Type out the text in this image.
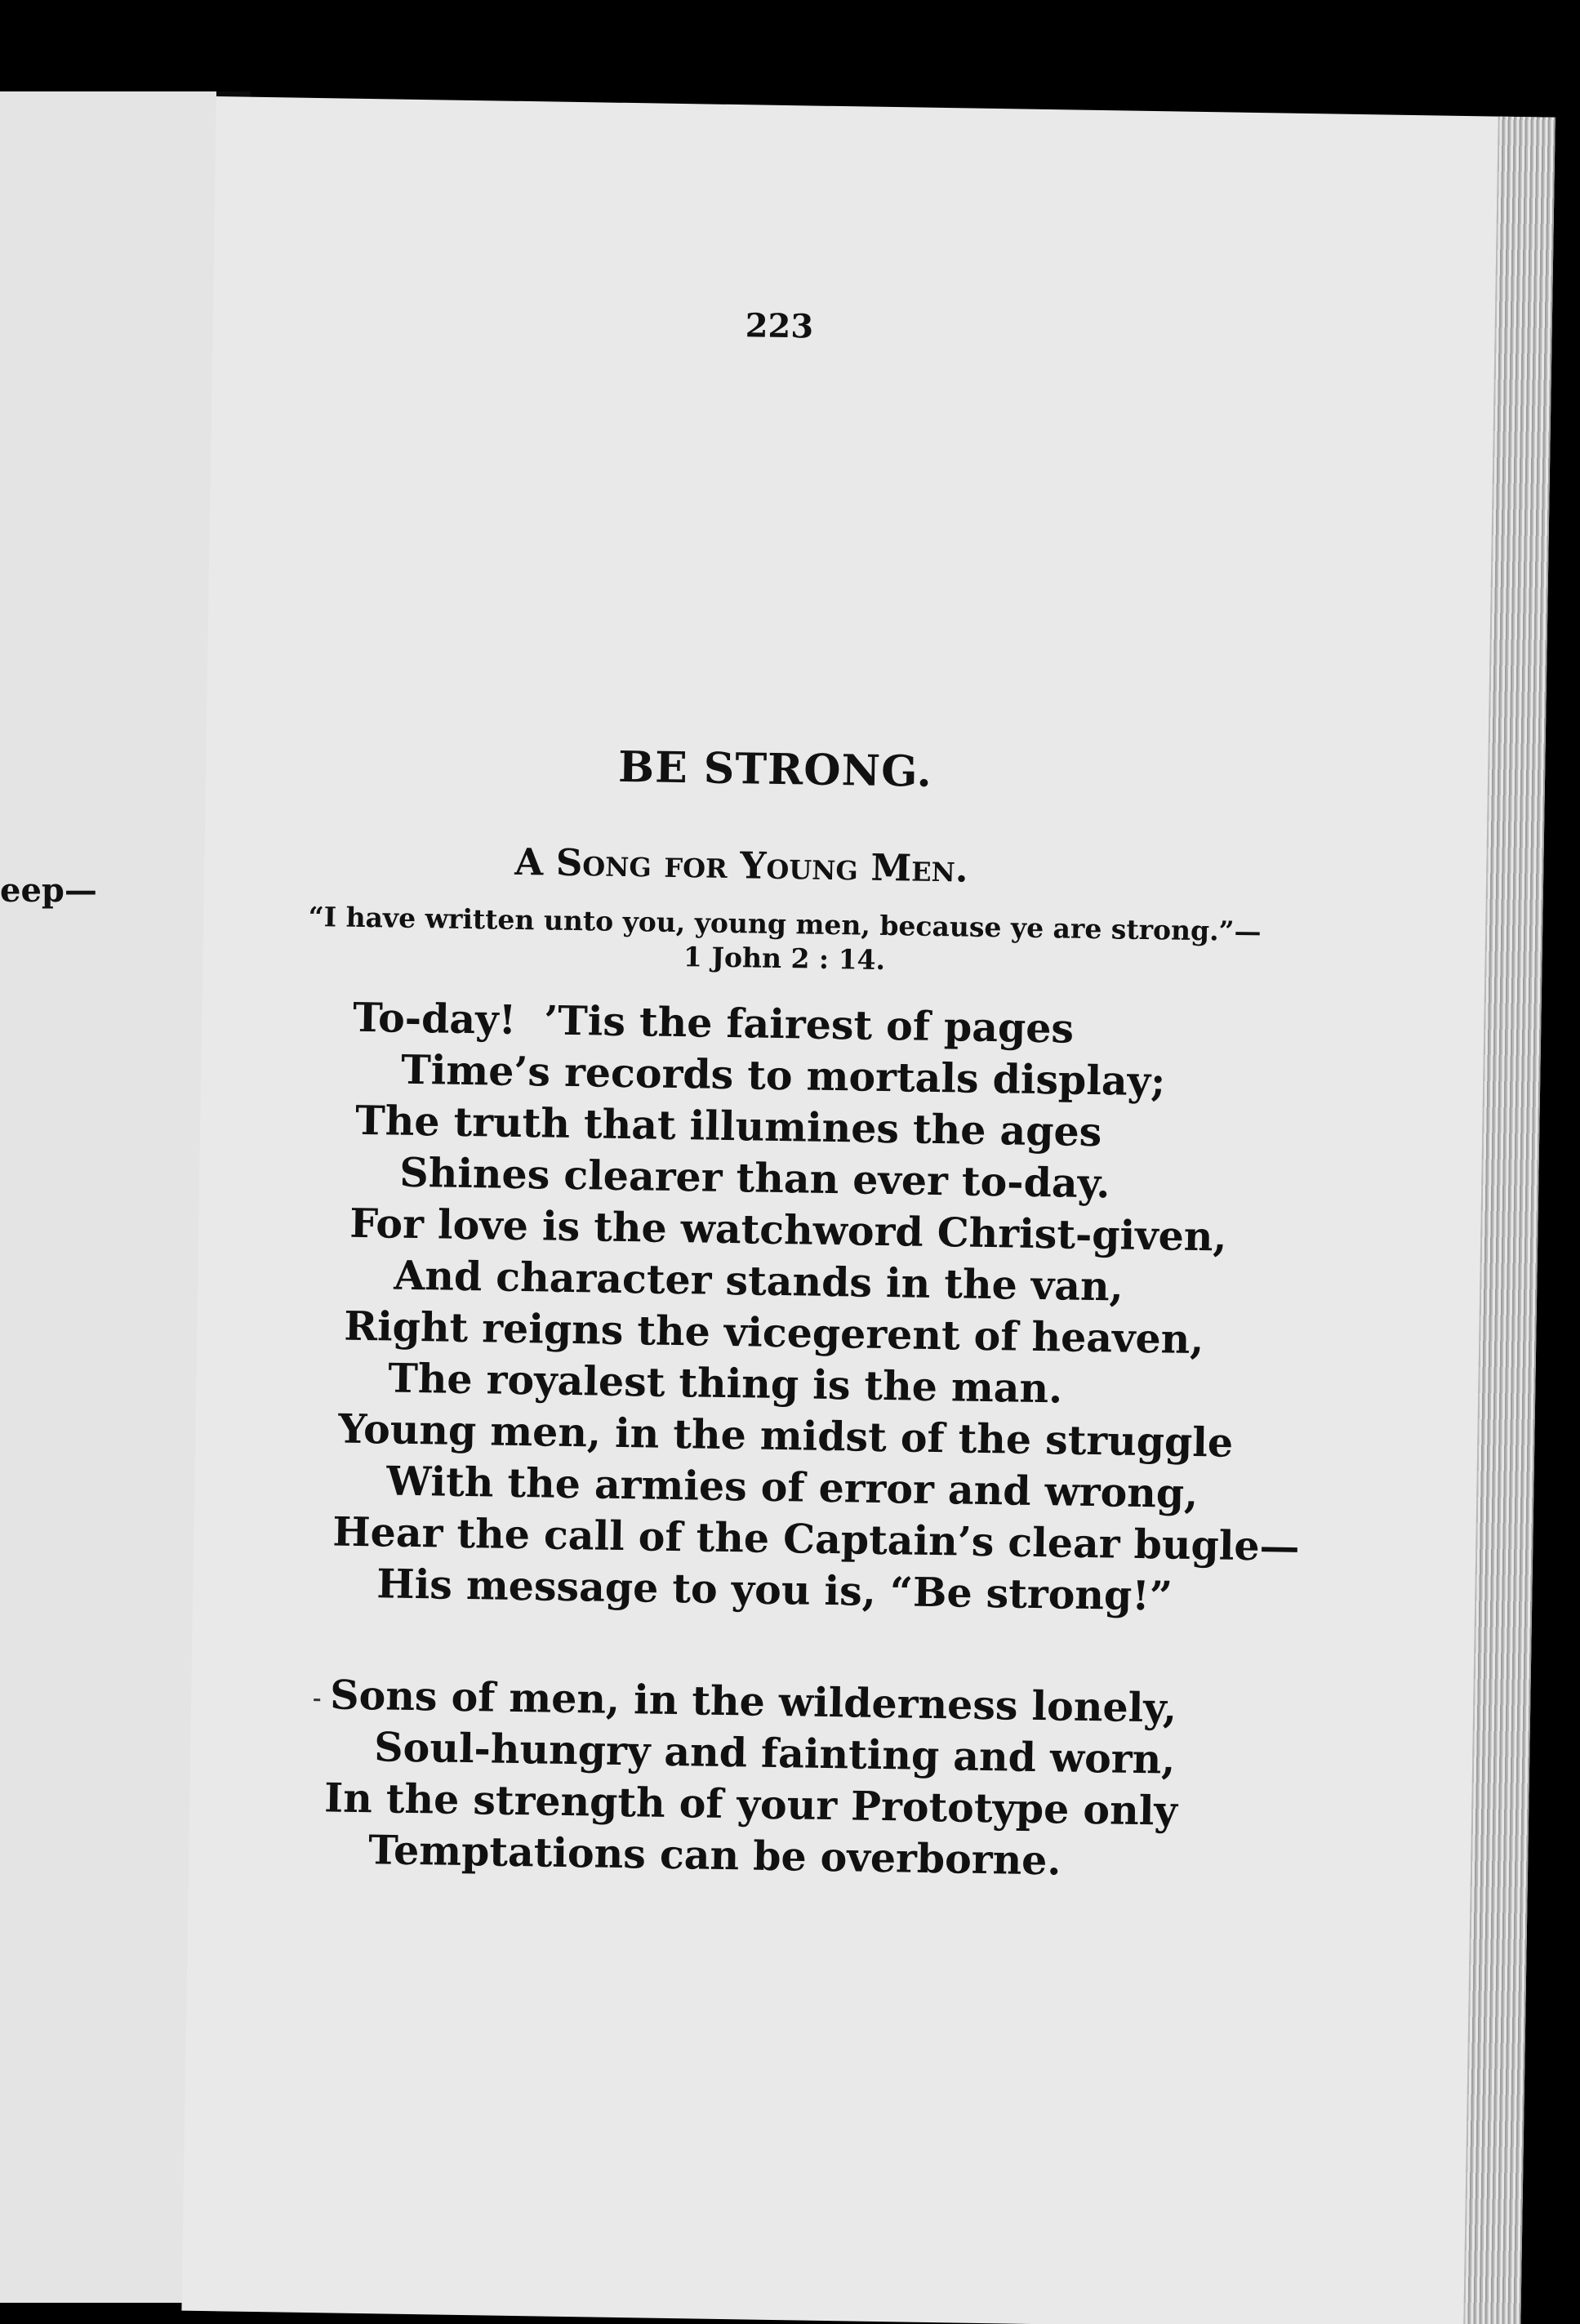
eep—
223
BE STRONG.
A Song for Young Men.
“I have written unto you, young men, because ye are strong.”—
1 John 2 : 14.

To-day!  ’Tis the fairest of pages

Time’s records to mortals display;

The truth that illumines the ages

Shines clearer than ever to-day.

For love is the watchword Christ-given,

And character stands in the van,

Right reigns the vicegerent of heaven,

The royalest thing is the man.

Young men, in the midst of the struggle

With the armies of error and wrong,

Hear the call of the Captain’s clear bugle—

His message to you is, “Be strong!”

Sons of men, in the wilderness lonely,

Soul-hungry and fainting and worn,

In the strength of your Prototype only

Temptations can be overborne.
